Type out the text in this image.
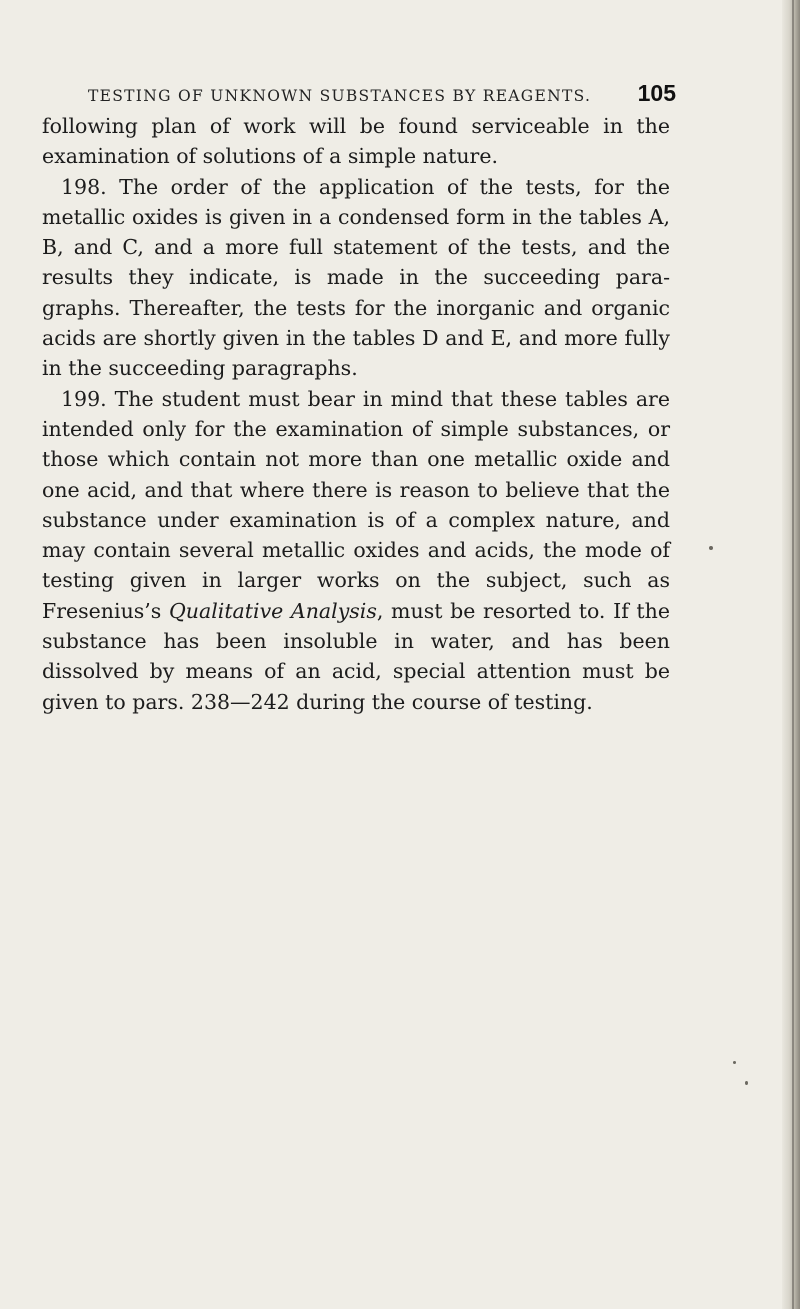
TESTING OF UNKNOWN SUBSTANCES BY REAGENTS. 105

following plan of work will be found serviceable in the examination of solutions of a simple nature.

198. The order of the application of the tests, for the metallic oxides is given in a condensed form in the tables A, B, and C, and a more full statement of the tests, and the results they indicate, is made in the succeeding para-graphs. Thereafter, the tests for the inorganic and organic acids are shortly given in the tables D and E, and more fully in the succeeding paragraphs.

199. The student must bear in mind that these tables are intended only for the examination of simple substances, or those which contain not more than one metallic oxide and one acid, and that where there is reason to believe that the substance under examination is of a complex nature, and may contain several metallic oxides and acids, the mode of testing given in larger works on the subject, such as Fresenius’s Qualitative Analysis, must be resorted to. If the substance has been insoluble in water, and has been dissolved by means of an acid, special attention must be given to pars. 238—242 during the course of testing.
